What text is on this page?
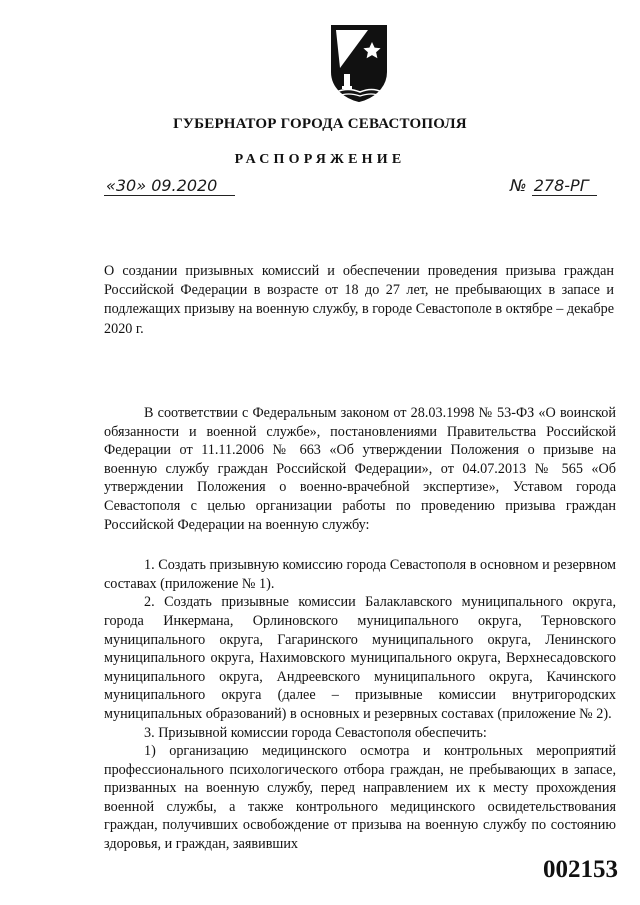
ГУБЕРНАТОР ГОРОДА СЕВАСТОПОЛЯ
РАСПОРЯЖЕНИЕ
«30» 09.2020	№ 278-РГ
О создании призывных комиссий и обеспечении проведения призыва граждан Российской Федерации в возрасте от 18 до 27 лет, не пребывающих в запасе и подлежащих призыву на военную службу, в городе Севастополе в октябре – декабре 2020 г.

В соответствии с Федеральным законом от 28.03.1998 № 53-ФЗ «О воинской обязанности и военной службе», постановлениями Правительства Российской Федерации от 11.11.2006 № 663 «Об утверждении Положения о призыве на военную службу граждан Российской Федерации», от 04.07.2013 № 565 «Об утверждении Положения о военно-врачебной экспертизе», Уставом города Севастополя с целью организации работы по проведению призыва граждан Российской Федерации на военную службу:

1. Создать призывную комиссию города Севастополя в основном и резервном составах (приложение № 1).

2. Создать призывные комиссии Балаклавского муниципального округа, города Инкермана, Орлиновского муниципального округа, Терновского муниципального округа, Гагаринского муниципального округа, Ленинского муниципального округа, Нахимовского муниципального округа, Верхнесадовского муниципального округа, Андреевского муниципального округа, Качинского муниципального округа (далее – призывные комиссии внутригородских муниципальных образований) в основных и резервных составах (приложение № 2).

3. Призывной комиссии города Севастополя обеспечить:

1) организацию медицинского осмотра и контрольных мероприятий профессионального психологического отбора граждан, не пребывающих в запасе, призванных на военную службу, перед направлением их к месту прохождения военной службы, а также контрольного медицинского освидетельствования граждан, получивших освобождение от призыва на военную службу по состоянию здоровья, и граждан, заявивших

002153
